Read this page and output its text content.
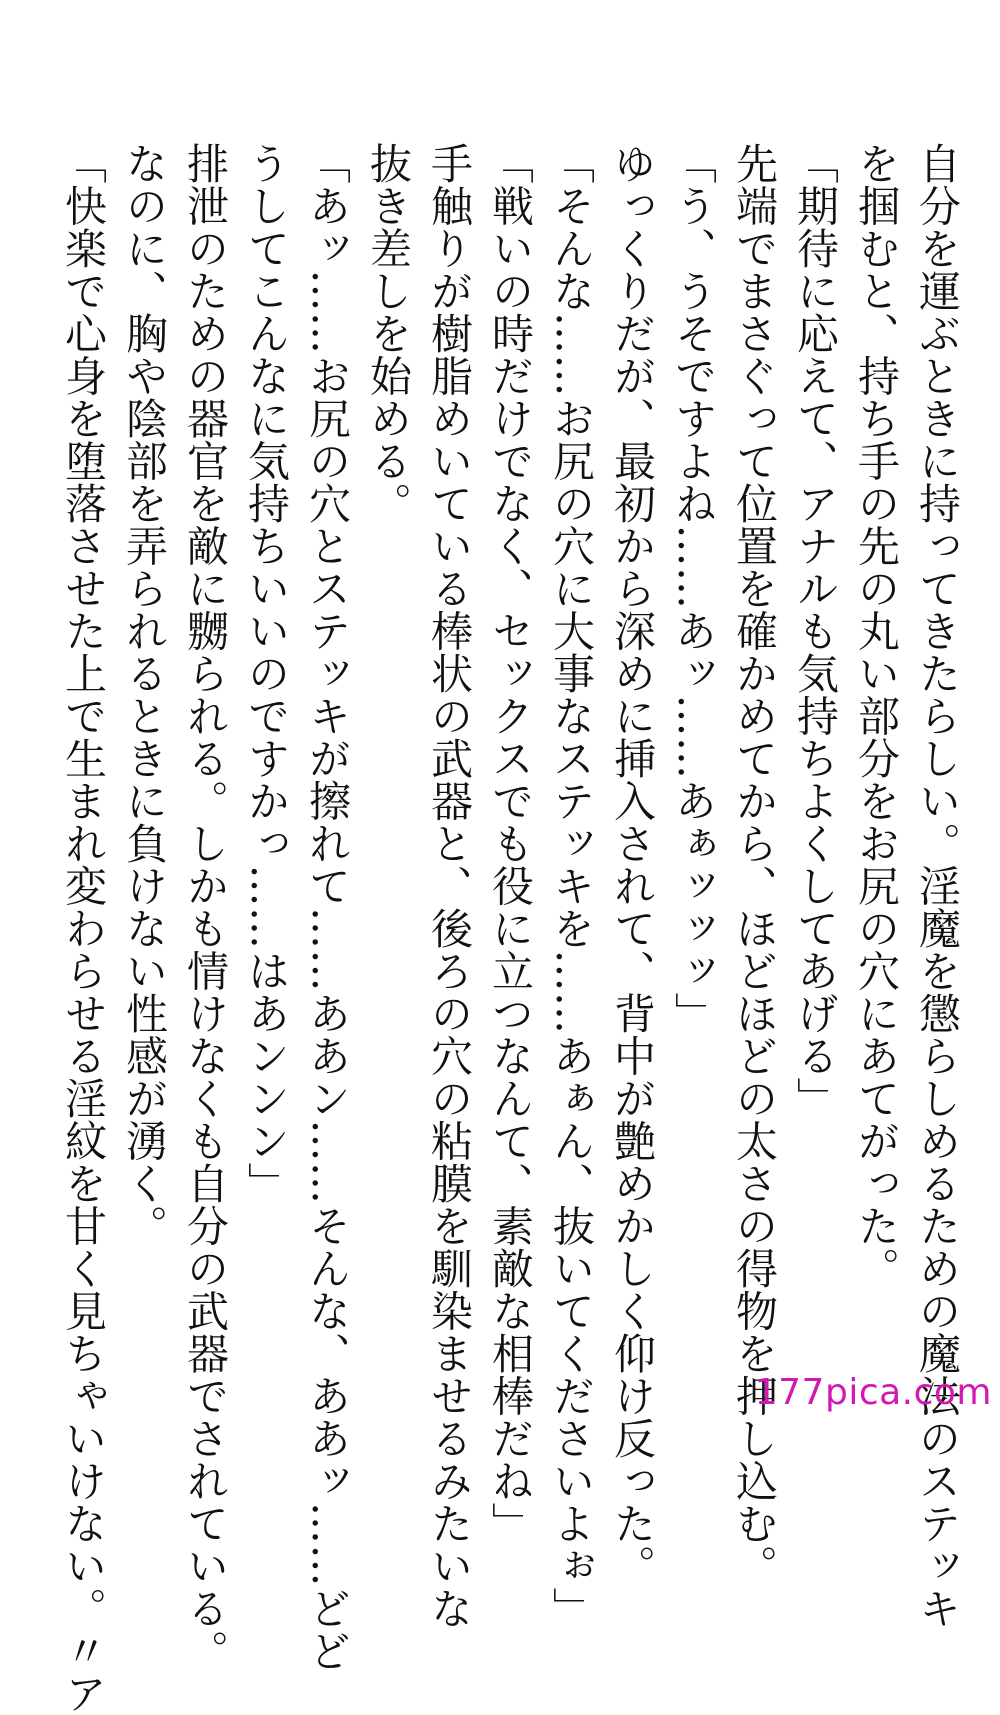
自分を運ぶときに持ってきたらしい。淫魔を懲らしめるための魔法のステッキ

を掴むと、持ち手の先の丸い部分をお尻の穴にあてがった。

「期待に応えて、アナルも気持ちよくしてあげる」

先端でまさぐって位置を確かめてから、ほどほどの太さの得物を押し込む。

「う、うそですよね……あッ……あぁッッッ」

ゆっくりだが、最初から深めに挿入されて、背中が艶めかしく仰け反った。

「そんな……お尻の穴に大事なステッキを……あぁん、抜いてくださいよぉ」

「戦いの時だけでなく、セックスでも役に立つなんて、素敵な相棒だね」

手触りが樹脂めいている棒状の武器と、後ろの穴の粘膜を馴染ませるみたいな

抜き差しを始める。

「あッ……お尻の穴とステッキが擦れて……ああン……そんな、ああッ……どど

うしてこんなに気持ちいいのですかっ……はあンンン」

排泄のための器官を敵に嬲られる。しかも情けなくも自分の武器でされている。

なのに、胸や陰部を弄られるときに負けない性感が湧く。

「快楽で心身を堕落させた上で生まれ変わらせる淫紋を甘く見ちゃいけない。〃ア	177pica.com
